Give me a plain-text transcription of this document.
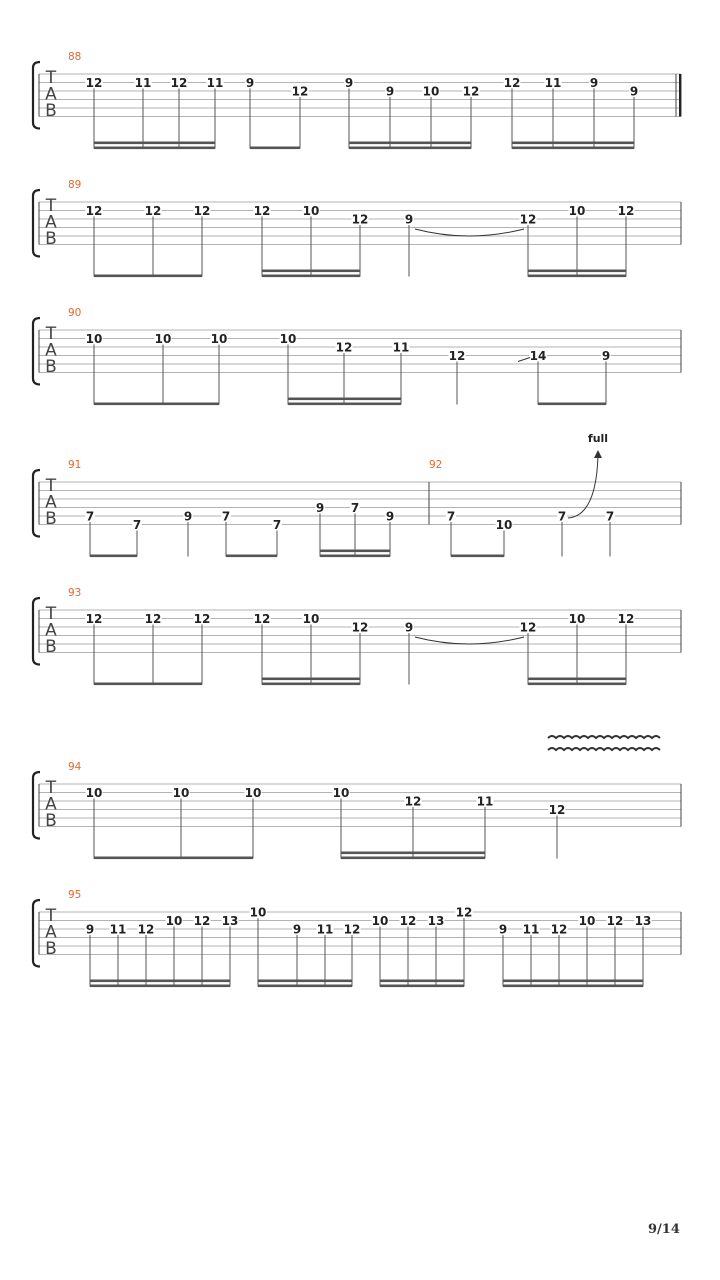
T
A
B
88
12	11 12 11 9
12
9
9 10 12
12 11 9
9
T
A
B
89
12	12	12	12	10
12	9	12
10	12
T
A
B
90
10	10	10	10
12	11
12	14	9
T
A
B
91	92
7
7
9 7
7
9 7
9	7
10
7	7
full
T
A
B
93
12	12	12	12	10
12	9	12
10	12
T
A
B
94
10	10	10	10
12	11
12
T
A
B
95
9 11 12
10 12 13
10
9 11 12
10 12 13
12
9 11 12
10 12 13
9/14
